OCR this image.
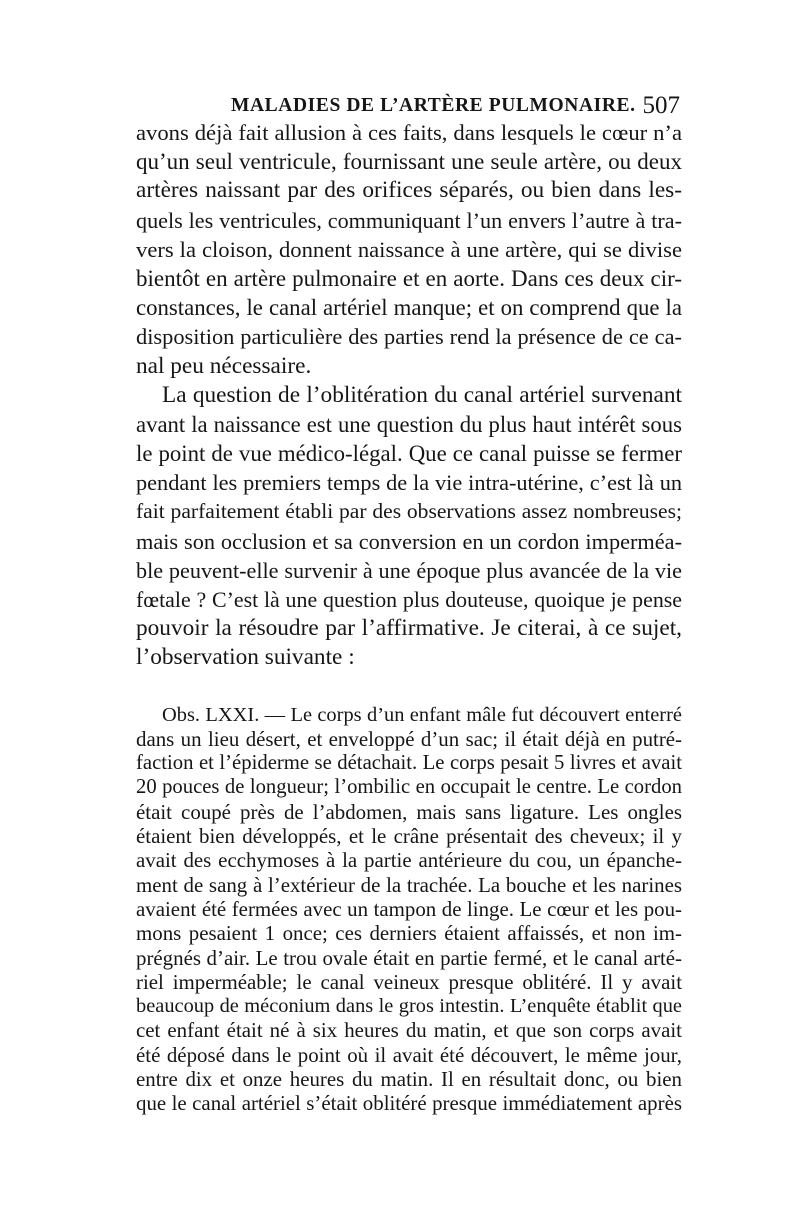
MALADIES DE L’ARTÈRE PULMONAIRE. 507
avons déjà fait allusion à ces faits, dans lesquels le cœur n’a
qu’un seul ventricule, fournissant une seule artère, ou deux
artères naissant par des orifices séparés, ou bien dans les-
quels les ventricules, communiquant l’un envers l’autre à tra-
vers la cloison, donnent naissance à une artère, qui se divise
bientôt en artère pulmonaire et en aorte. Dans ces deux cir-
constances, le canal artériel manque; et on comprend que la
disposition particulière des parties rend la présence de ce ca-
nal peu nécessaire.
La question de l’oblitération du canal artériel survenant
avant la naissance est une question du plus haut intérêt sous
le point de vue médico-légal. Que ce canal puisse se fermer
pendant les premiers temps de la vie intra-utérine, c’est là un
fait parfaitement établi par des observations assez nombreuses;
mais son occlusion et sa conversion en un cordon imperméa-
ble peuvent-elle survenir à une époque plus avancée de la vie
fœtale ? C’est là une question plus douteuse, quoique je pense
pouvoir la résoudre par l’affirmative. Je citerai, à ce sujet,
l’observation suivante :
Obs. LXXI. — Le corps d’un enfant mâle fut découvert enterré
dans un lieu désert, et enveloppé d’un sac; il était déjà en putré-
faction et l’épiderme se détachait. Le corps pesait 5 livres et avait
20 pouces de longueur; l’ombilic en occupait le centre. Le cordon
était coupé près de l’abdomen, mais sans ligature. Les ongles
étaient bien développés, et le crâne présentait des cheveux; il y
avait des ecchymoses à la partie antérieure du cou, un épanche-
ment de sang à l’extérieur de la trachée. La bouche et les narines
avaient été fermées avec un tampon de linge. Le cœur et les pou-
mons pesaient 1 once; ces derniers étaient affaissés, et non im-
prégnés d’air. Le trou ovale était en partie fermé, et le canal arté-
riel imperméable; le canal veineux presque oblitéré. Il y avait
beaucoup de méconium dans le gros intestin. L’enquête établit que
cet enfant était né à six heures du matin, et que son corps avait
été déposé dans le point où il avait été découvert, le même jour,
entre dix et onze heures du matin. Il en résultait donc, ou bien
que le canal artériel s’était oblitéré presque immédiatement après
